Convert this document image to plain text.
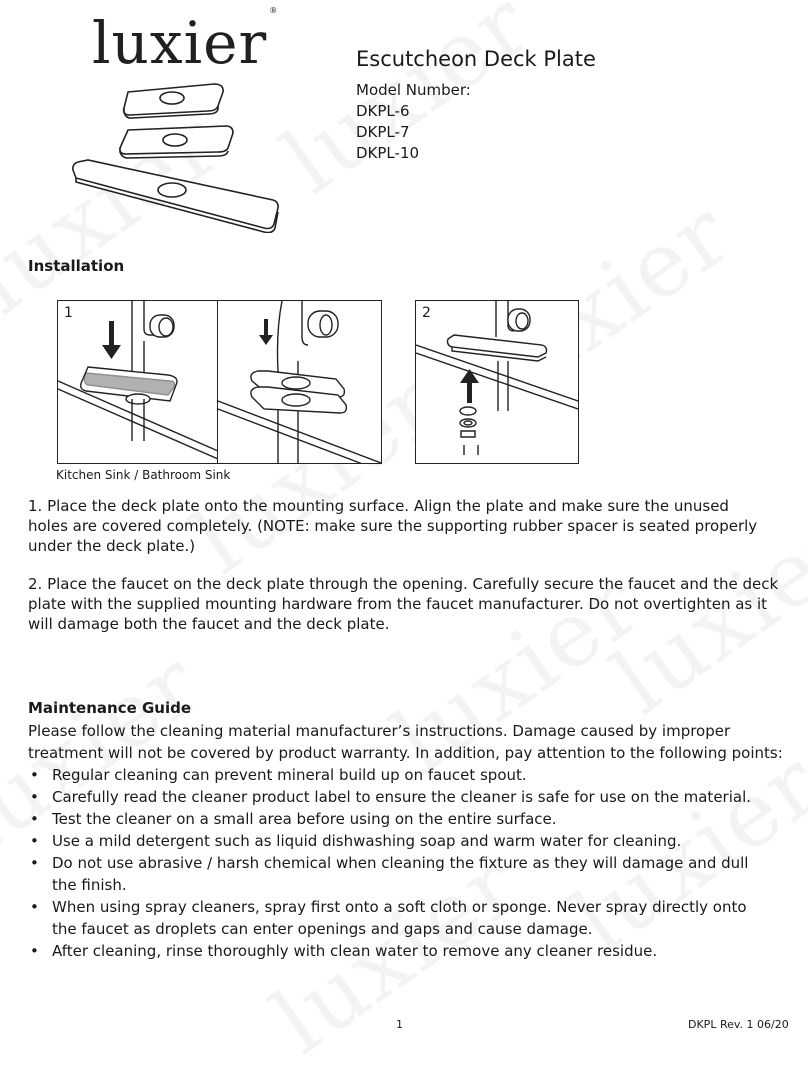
luxier ®
Escutcheon Deck Plate
Model Number:
DKPL-6
DKPL-7
DKPL-10
Installation
1	2
Kitchen Sink / Bathroom Sink
1. Place the deck plate onto the mounting surface. Align the plate and make sure the unused holes are covered completely. (NOTE: make sure the supporting rubber spacer is seated properly under the deck plate.)
2. Place the faucet on the deck plate through the opening. Carefully secure the faucet and the deck plate with the supplied mounting hardware from the faucet manufacturer. Do not overtighten as it will damage both the faucet and the deck plate.
Maintenance Guide
Please follow the cleaning material manufacturer’s instructions. Damage caused by improper treatment will not be covered by product warranty. In addition, pay attention to the following points:
• Regular cleaning can prevent mineral build up on faucet spout.
• Carefully read the cleaner product label to ensure the cleaner is safe for use on the material.
• Test the cleaner on a small area before using on the entire surface.
• Use a mild detergent such as liquid dishwashing soap and warm water for cleaning.
• Do not use abrasive / harsh chemical when cleaning the fixture as they will damage and dull the finish.
• When using spray cleaners, spray first onto a soft cloth or sponge. Never spray directly onto the faucet as droplets can enter openings and gaps and cause damage.
• After cleaning, rinse thoroughly with clean water to remove any cleaner residue.
1	DKPL Rev. 1 06/20
